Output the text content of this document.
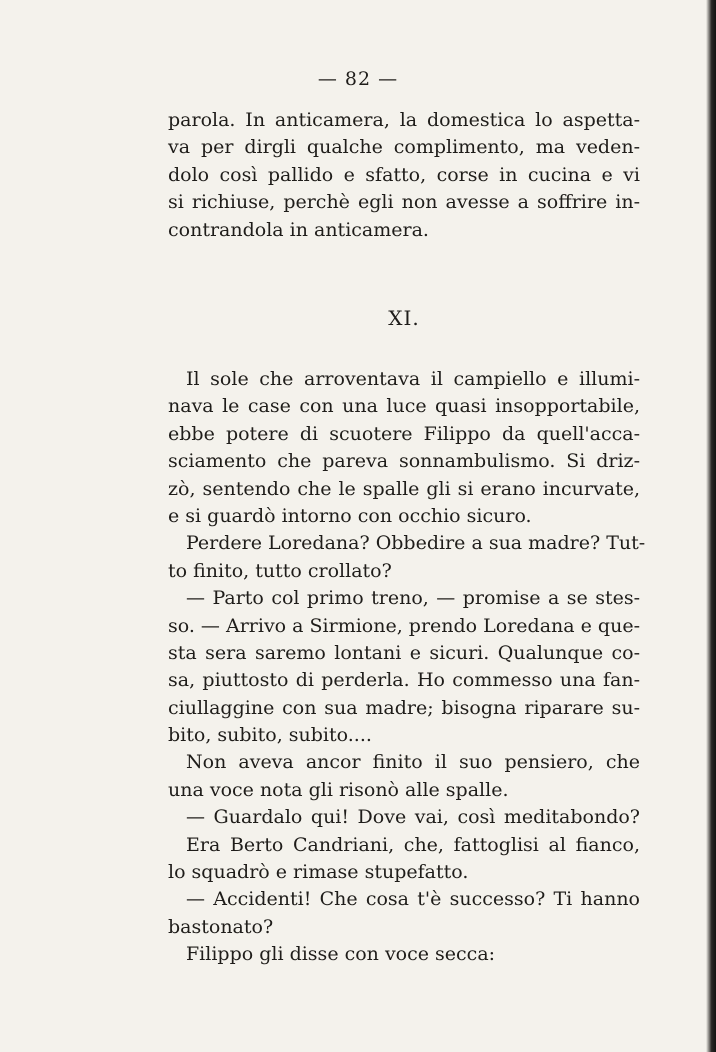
— 82 —
parola. In anticamera, la domestica lo aspetta-
va per dirgli qualche complimento, ma veden-
dolo così pallido e sfatto, corse in cucina e vi
si richiuse, perchè egli non avesse a soffrire in-
contrandola in anticamera.
XI.
Il sole che arroventava il campiello e illumi-
nava le case con una luce quasi insopportabile,
ebbe potere di scuotere Filippo da quell'acca-
sciamento che pareva sonnambulismo. Si driz-
zò, sentendo che le spalle gli si erano incurvate,
e si guardò intorno con occhio sicuro.
Perdere Loredana? Obbedire a sua madre? Tut-
to finito, tutto crollato?
— Parto col primo treno, — promise a se stes-
so. — Arrivo a Sirmione, prendo Loredana e que-
sta sera saremo lontani e sicuri. Qualunque co-
sa, piuttosto di perderla. Ho commesso una fan-
ciullaggine con sua madre; bisogna riparare su-
bito, subito, subito....
Non aveva ancor finito il suo pensiero, che
una voce nota gli risonò alle spalle.
— Guardalo qui! Dove vai, così meditabondo?
Era Berto Candriani, che, fattoglisi al fianco,
lo squadrò e rimase stupefatto.
— Accidenti! Che cosa t'è successo? Ti hanno
bastonato?
Filippo gli disse con voce secca:
